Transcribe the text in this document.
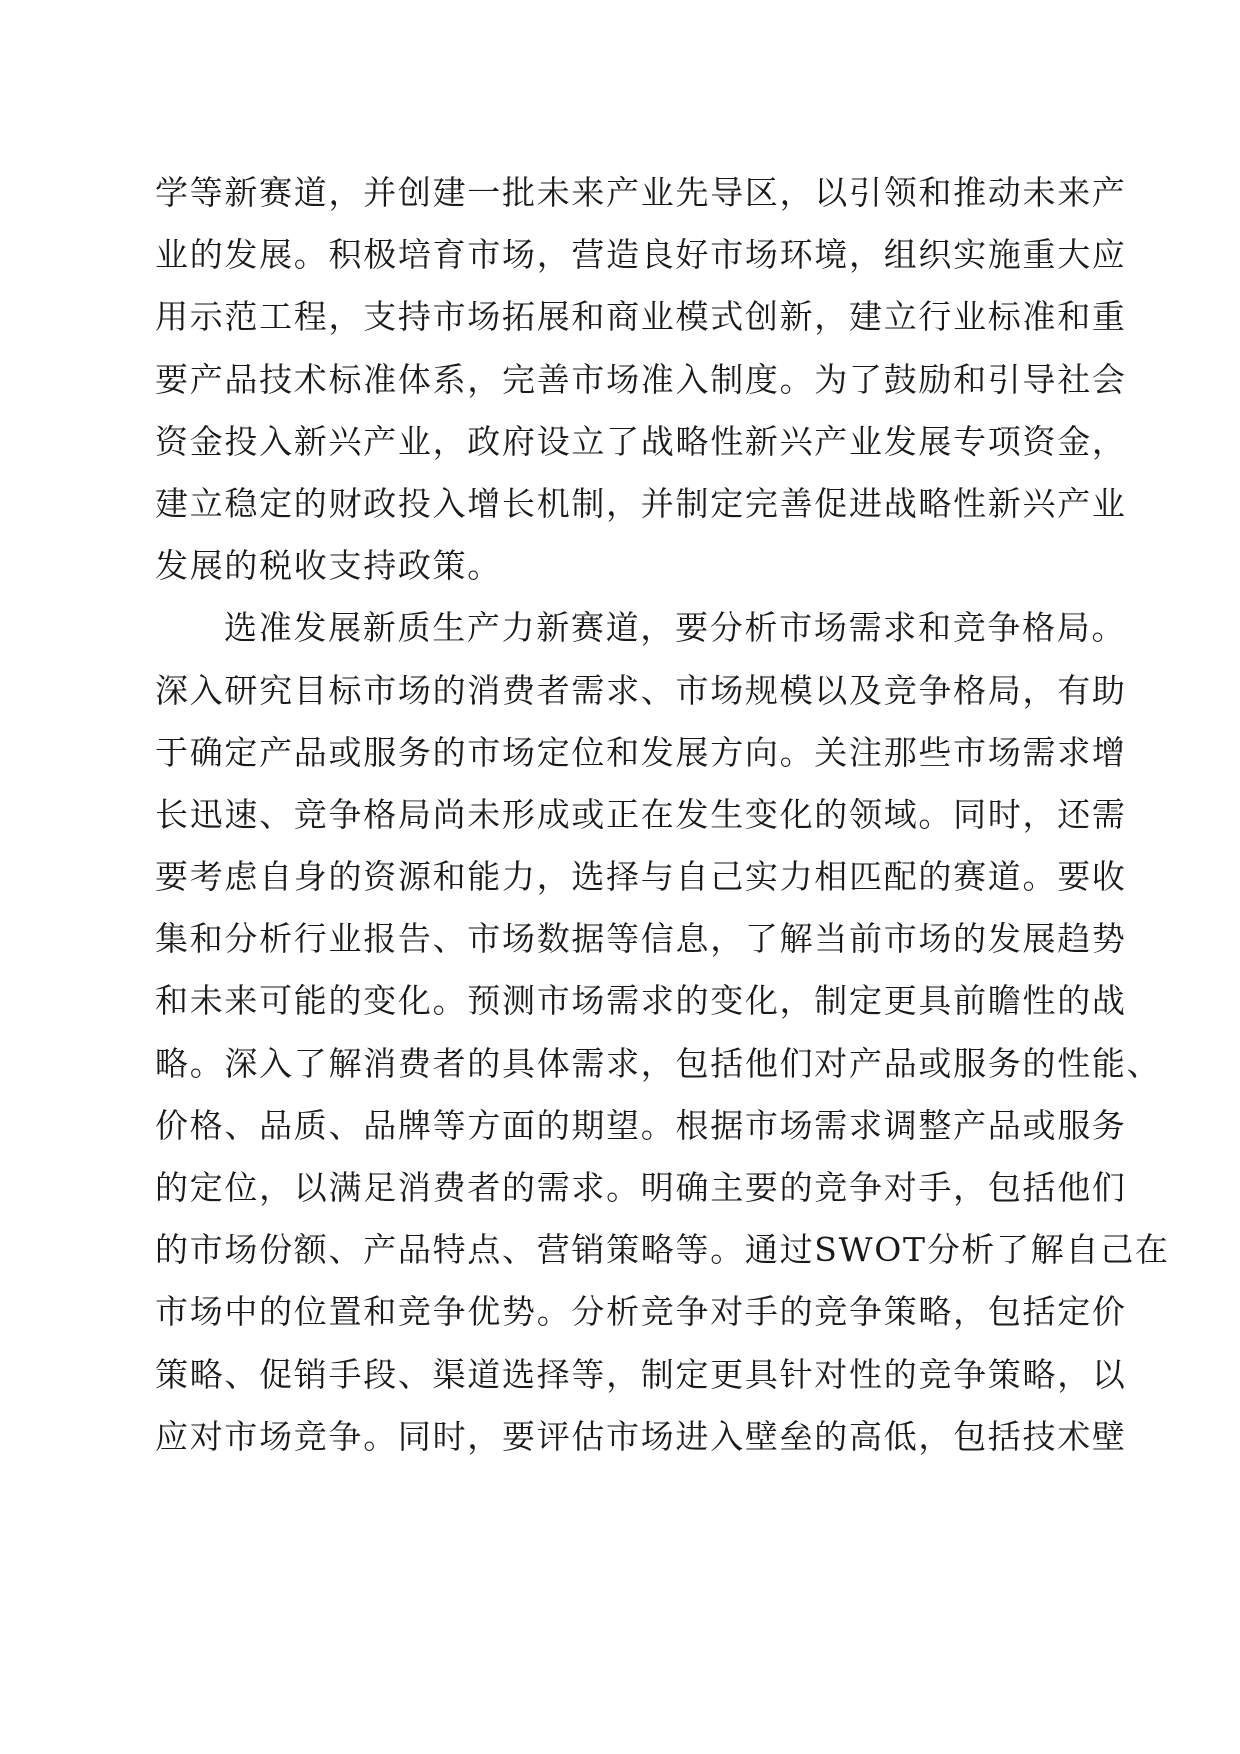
学等新赛道，并创建一批未来产业先导区，以引领和推动未来产
业的发展。积极培育市场，营造良好市场环境，组织实施重大应
用示范工程，支持市场拓展和商业模式创新，建立行业标准和重
要产品技术标准体系，完善市场准入制度。为了鼓励和引导社会
资金投入新兴产业，政府设立了战略性新兴产业发展专项资金，
建立稳定的财政投入增长机制，并制定完善促进战略性新兴产业
发展的税收支持政策。
选准发展新质生产力新赛道，要分析市场需求和竞争格局。
深入研究目标市场的消费者需求、市场规模以及竞争格局，有助
于确定产品或服务的市场定位和发展方向。关注那些市场需求增
长迅速、竞争格局尚未形成或正在发生变化的领域。同时，还需
要考虑自身的资源和能力，选择与自己实力相匹配的赛道。要收
集和分析行业报告、市场数据等信息，了解当前市场的发展趋势
和未来可能的变化。预测市场需求的变化，制定更具前瞻性的战
略。深入了解消费者的具体需求，包括他们对产品或服务的性能、
价格、品质、品牌等方面的期望。根据市场需求调整产品或服务
的定位，以满足消费者的需求。明确主要的竞争对手，包括他们
的市场份额、产品特点、营销策略等。通过SWOT分析了解自己在
市场中的位置和竞争优势。分析竞争对手的竞争策略，包括定价
策略、促销手段、渠道选择等，制定更具针对性的竞争策略，以
应对市场竞争。同时，要评估市场进入壁垒的高低，包括技术壁
